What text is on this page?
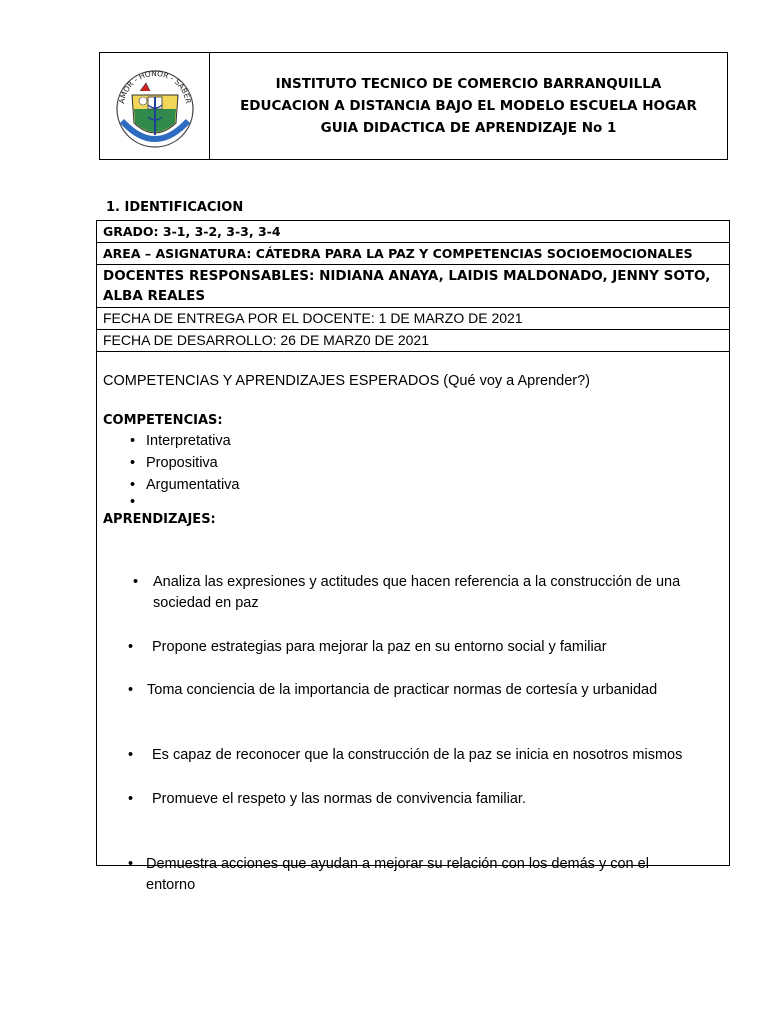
AMOR - HONOR - SABER
INSTITUTO TECNICO DE COMERCIO BARRANQUILLA
EDUCACION A DISTANCIA BAJO EL MODELO ESCUELA HOGAR
GUIA DIDACTICA DE APRENDIZAJE No 1
1. IDENTIFICACION
GRADO: 3-1, 3-2, 3-3, 3-4
AREA – ASIGNATURA: CÁTEDRA PARA LA PAZ Y COMPETENCIAS SOCIOEMOCIONALES
DOCENTES RESPONSABLES: NIDIANA ANAYA, LAIDIS MALDONADO, JENNY SOTO, ALBA REALES
FECHA DE ENTREGA POR EL DOCENTE: 1 DE MARZO DE 2021
FECHA DE DESARROLLO: 26 DE MARZ0 DE 2021
COMPETENCIAS Y APRENDIZAJES ESPERADOS (Qué voy a Aprender?)
COMPETENCIAS:
• Interpretativa
• Propositiva
• Argumentativa
•
APRENDIZAJES:
• Analiza las expresiones y actitudes que hacen referencia a la construcción de una sociedad en paz
• Propone estrategias para mejorar la paz en su entorno social y familiar
• Toma conciencia de la importancia de practicar normas de cortesía y urbanidad
• Es capaz de reconocer que la construcción de la paz se inicia en nosotros mismos
• Promueve el respeto y las normas de convivencia familiar.
• Demuestra acciones que ayudan a mejorar su relación con los demás y con el entorno
